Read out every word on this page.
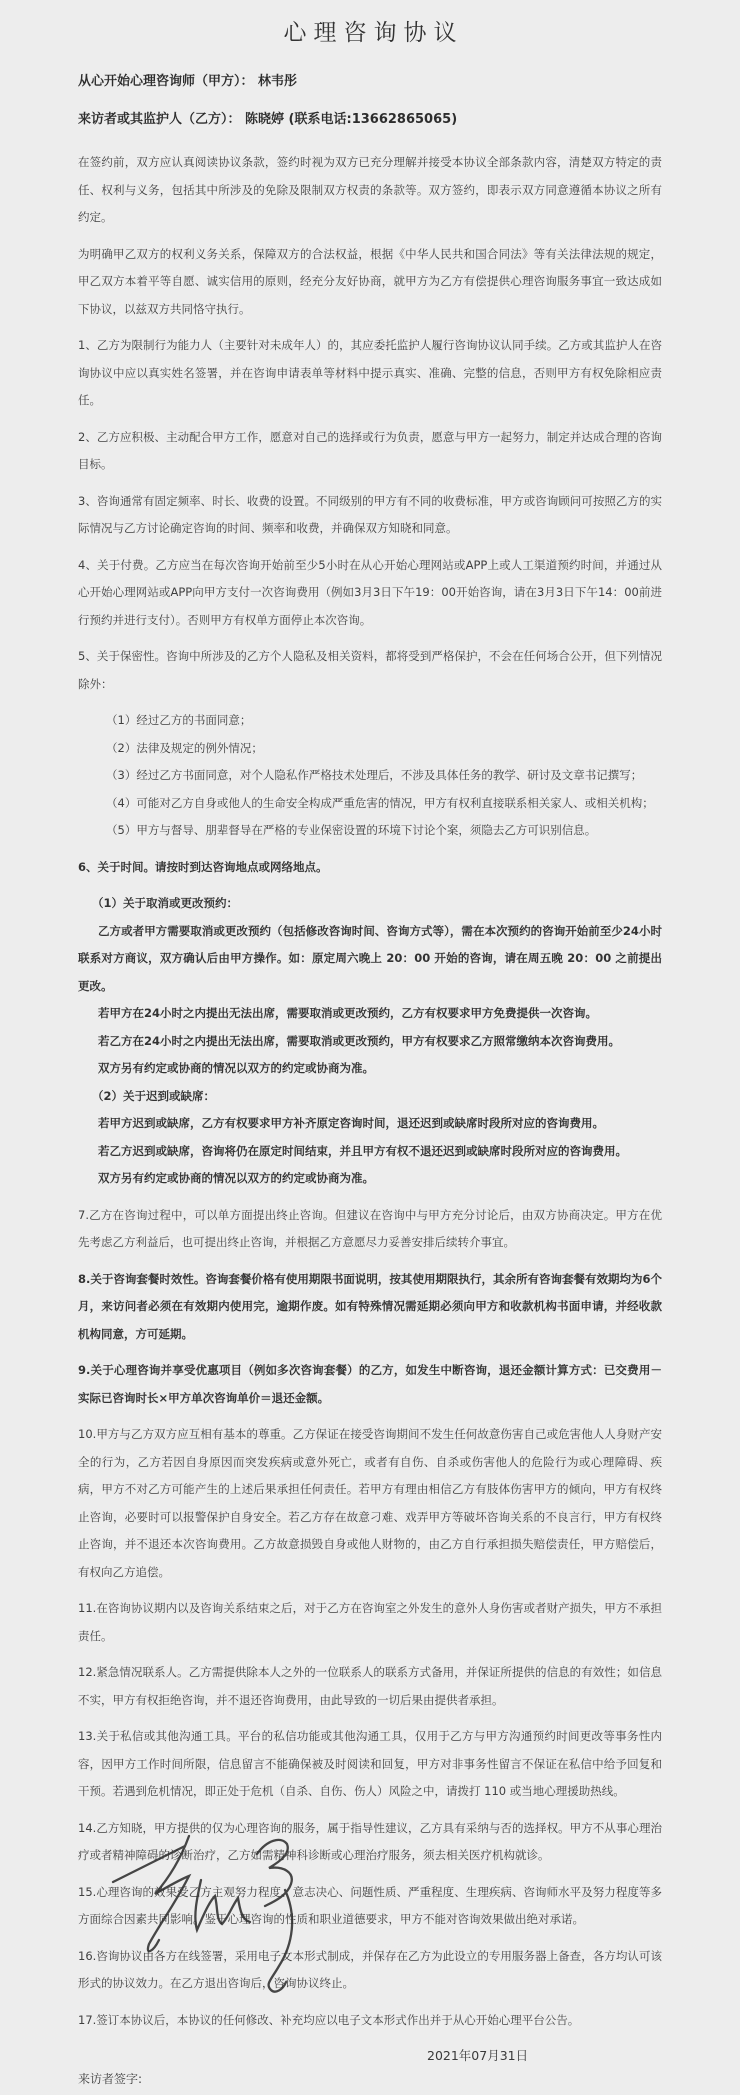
心理咨询协议

从心开始心理咨询师（甲方）： 林韦彤

来访者或其监护人（乙方）： 陈晓婷 (联系电话:13662865065)

在签约前，双方应认真阅读协议条款，签约时视为双方已充分理解并接受本协议全部条款内容，清楚双方特定的责任、权利与义务，包括其中所涉及的免除及限制双方权责的条款等。双方签约，即表示双方同意遵循本协议之所有约定。

为明确甲乙双方的权利义务关系，保障双方的合法权益，根据《中华人民共和国合同法》等有关法律法规的规定，甲乙双方本着平等自愿、诚实信用的原则，经充分友好协商，就甲方为乙方有偿提供心理咨询服务事宜一致达成如下协议，以兹双方共同恪守执行。

1、乙方为限制行为能力人（主要针对未成年人）的，其应委托监护人履行咨询协议认同手续。乙方或其监护人在咨询协议中应以真实姓名签署，并在咨询申请表单等材料中提示真实、准确、完整的信息，否则甲方有权免除相应责任。

2、乙方应积极、主动配合甲方工作，愿意对自己的选择或行为负责，愿意与甲方一起努力，制定并达成合理的咨询目标。

3、咨询通常有固定频率、时长、收费的设置。不同级别的甲方有不同的收费标准，甲方或咨询顾问可按照乙方的实际情况与乙方讨论确定咨询的时间、频率和收费，并确保双方知晓和同意。

4、关于付费。乙方应当在每次咨询开始前至少5小时在从心开始心理网站或APP上或人工渠道预约时间，并通过从心开始心理网站或APP向甲方支付一次咨询费用（例如3月3日下午19：00开始咨询，请在3月3日下午14：00前进行预约并进行支付）。否则甲方有权单方面停止本次咨询。

5、关于保密性。咨询中所涉及的乙方个人隐私及相关资料，都将受到严格保护，不会在任何场合公开，但下列情况除外：

（1）经过乙方的书面同意；

（2）法律及规定的例外情况；

（3）经过乙方书面同意，对个人隐私作严格技术处理后，不涉及具体任务的教学、研讨及文章书记撰写；

（4）可能对乙方自身或他人的生命安全构成严重危害的情况，甲方有权利直接联系相关家人、或相关机构；

（5）甲方与督导、朋辈督导在严格的专业保密设置的环境下讨论个案，须隐去乙方可识别信息。

6、关于时间。请按时到达咨询地点或网络地点。

（1）关于取消或更改预约：

乙方或者甲方需要取消或更改预约（包括修改咨询时间、咨询方式等），需在本次预约的咨询开始前至少24小时联系对方商议，双方确认后由甲方操作。如：原定周六晚上 20：00 开始的咨询，请在周五晚 20：00 之前提出更改。

若甲方在24小时之内提出无法出席，需要取消或更改预约，乙方有权要求甲方免费提供一次咨询。

若乙方在24小时之内提出无法出席，需要取消或更改预约，甲方有权要求乙方照常缴纳本次咨询费用。

双方另有约定或协商的情况以双方的约定或协商为准。

（2）关于迟到或缺席：

若甲方迟到或缺席，乙方有权要求甲方补齐原定咨询时间，退还迟到或缺席时段所对应的咨询费用。

若乙方迟到或缺席，咨询将仍在原定时间结束，并且甲方有权不退还迟到或缺席时段所对应的咨询费用。

双方另有约定或协商的情况以双方的约定或协商为准。

7.乙方在咨询过程中，可以单方面提出终止咨询。但建议在咨询中与甲方充分讨论后，由双方协商决定。甲方在优先考虑乙方利益后，也可提出终止咨询，并根据乙方意愿尽力妥善安排后续转介事宜。

8.关于咨询套餐时效性。咨询套餐价格有使用期限书面说明，按其使用期限执行，其余所有咨询套餐有效期均为6个月，来访问者必须在有效期内使用完，逾期作废。如有特殊情况需延期必须向甲方和收款机构书面申请，并经收款机构同意，方可延期。

9.关于心理咨询并享受优惠项目（例如多次咨询套餐）的乙方，如发生中断咨询，退还金额计算方式：已交费用－实际已咨询时长×甲方单次咨询单价＝退还金额。

10.甲方与乙方双方应互相有基本的尊重。乙方保证在接受咨询期间不发生任何故意伤害自己或危害他人人身财产安全的行为，乙方若因自身原因而突发疾病或意外死亡，或者有自伤、自杀或伤害他人的危险行为或心理障碍、疾病，甲方不对乙方可能产生的上述后果承担任何责任。若甲方有理由相信乙方有肢体伤害甲方的倾向，甲方有权终止咨询，必要时可以报警保护自身安全。若乙方存在故意刁难、戏弄甲方等破坏咨询关系的不良言行，甲方有权终止咨询，并不退还本次咨询费用。乙方故意损毁自身或他人财物的，由乙方自行承担损失赔偿责任，甲方赔偿后，有权向乙方追偿。

11.在咨询协议期内以及咨询关系结束之后，对于乙方在咨询室之外发生的意外人身伤害或者财产损失，甲方不承担责任。

12.紧急情况联系人。乙方需提供除本人之外的一位联系人的联系方式备用，并保证所提供的信息的有效性；如信息不实，甲方有权拒绝咨询，并不退还咨询费用，由此导致的一切后果由提供者承担。

13.关于私信或其他沟通工具。平台的私信功能或其他沟通工具，仅用于乙方与甲方沟通预约时间更改等事务性内容，因甲方工作时间所限，信息留言不能确保被及时阅读和回复，甲方对非事务性留言不保证在私信中给予回复和干预。若遇到危机情况，即正处于危机（自杀、自伤、伤人）风险之中，请拨打 110 或当地心理援助热线。

14.乙方知晓，甲方提供的仅为心理咨询的服务，属于指导性建议，乙方具有采纳与否的选择权。甲方不从事心理治疗或者精神障碍的诊断治疗，乙方如需精神科诊断或心理治疗服务，须去相关医疗机构就诊。

15.心理咨询的效果受乙方主观努力程度、意志决心、问题性质、严重程度、生理疾病、咨询师水平及努力程度等多方面综合因素共同影响。鉴于心理咨询的性质和职业道德要求，甲方不能对咨询效果做出绝对承诺。

16.咨询协议由各方在线签署，采用电子文本形式制成，并保存在乙方为此设立的专用服务器上备查，各方均认可该形式的协议效力。在乙方退出咨询后，咨询协议终止。

17.签订本协议后，本协议的任何修改、补充均应以电子文本形式作出并于从心开始心理平台公告。

来访者签字:

2021年07月31日
